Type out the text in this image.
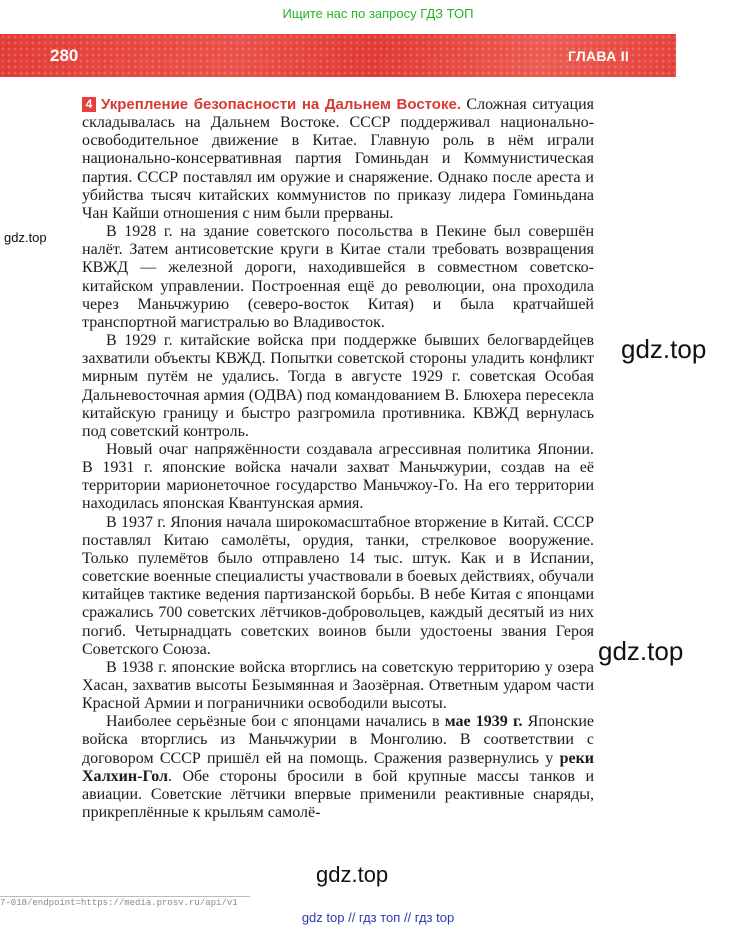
Ищите нас по запросу ГДЗ ТОП
280	ГЛАВА II

4 Укрепление безопасности на Дальнем Востоке. Сложная ситуация складывалась на Дальнем Востоке. СССР поддерживал национально-освободительное движение в Китае. Главную роль в нём играли национально-консервативная партия Гоминьдан и Коммунистическая партия. СССР поставлял им оружие и снаряжение. Однако после ареста и убийства тысяч китайских коммунистов по приказу лидера Гоминьдана Чан Кайши отношения с ним были прерваны.

В 1928 г. на здание советского посольства в Пекине был совершён налёт. Затем антисоветские круги в Китае стали требовать возвращения КВЖД — железной дороги, находившейся в совместном советско-китайском управлении. Построенная ещё до революции, она проходила через Маньчжурию (северо-восток Китая) и была кратчайшей транспортной магистралью во Владивосток.

В 1929 г. китайские войска при поддержке бывших белогвардейцев захватили объекты КВЖД. Попытки советской стороны уладить конфликт мирным путём не удались. Тогда в августе 1929 г. советская Особая Дальневосточная армия (ОДВА) под командованием В. Блюхера пересекла китайскую границу и быстро разгромила противника. КВЖД вернулась под советский контроль.

Новый очаг напряжённости создавала агрессивная политика Японии. В 1931 г. японские войска начали захват Маньчжурии, создав на её территории марионеточное государство Маньчжоу-Го. На его территории находилась японская Квантунская армия.

В 1937 г. Япония начала широкомасштабное вторжение в Китай. СССР поставлял Китаю самолёты, орудия, танки, стрелковое вооружение. Только пулемётов было отправлено 14 тыс. штук. Как и в Испании, советские военные специалисты участвовали в боевых действиях, обучали китайцев тактике ведения партизанской борьбы. В небе Китая с японцами сражались 700 советских лётчиков-добровольцев, каждый десятый из них погиб. Четырнадцать советских воинов были удостоены звания Героя Советского Союза.

В 1938 г. японские войска вторглись на советскую территорию у озера Хасан, захватив высоты Безымянная и Заозёрная. Ответным ударом части Красной Армии и пограничники освободили высоты.

Наиболее серьёзные бои с японцами начались в мае 1939 г. Японские войска вторглись из Маньчжурии в Монголию. В соответствии с договором СССР пришёл ей на помощь. Сражения развернулись у реки Халхин-Гол. Обе стороны бросили в бой крупные массы танков и авиации. Советские лётчики впервые применили реактивные снаряды, прикреплённые к крыльям самолё-

gdz.top
gdz.top
gdz.top
gdz.top
7-018/endpoint=https://media.prosv.ru/api/v1
gdz top // гдз топ // гдз top
